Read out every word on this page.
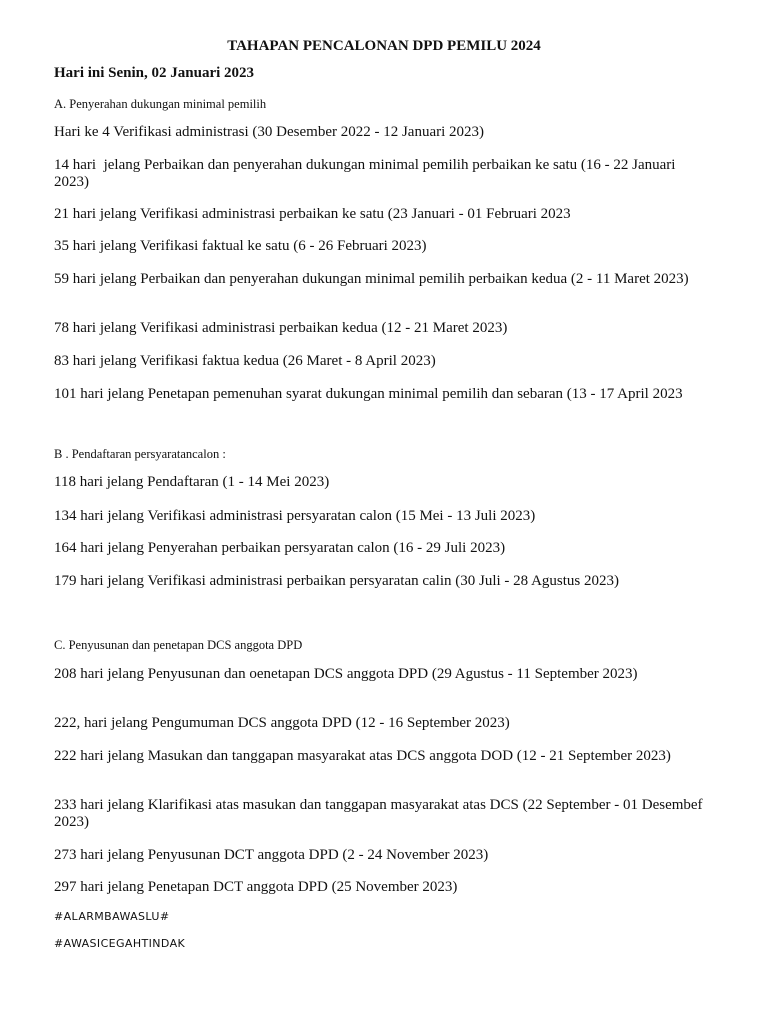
TAHAPAN PENCALONAN DPD PEMILU 2024
Hari ini Senin, 02 Januari 2023
A. Penyerahan dukungan minimal pemilih
Hari ke 4 Verifikasi administrasi (30 Desember 2022 - 12 Januari 2023)
14 hari  jelang Perbaikan dan penyerahan dukungan minimal pemilih perbaikan ke satu (16 - 22 Januari 2023)
21 hari jelang Verifikasi administrasi perbaikan ke satu (23 Januari - 01 Februari 2023
35 hari jelang Verifikasi faktual ke satu (6 - 26 Februari 2023)
59 hari jelang Perbaikan dan penyerahan dukungan minimal pemilih perbaikan kedua (2 - 11 Maret 2023)
78 hari jelang Verifikasi administrasi perbaikan kedua (12 - 21 Maret 2023)
83 hari jelang Verifikasi faktua kedua (26 Maret - 8 April 2023)
101 hari jelang Penetapan pemenuhan syarat dukungan minimal pemilih dan sebaran (13 - 17 April 2023
B . Pendaftaran persyaratancalon :
118 hari jelang Pendaftaran (1 - 14 Mei 2023)
134 hari jelang Verifikasi administrasi persyaratan calon (15 Mei - 13 Juli 2023)
164 hari jelang Penyerahan perbaikan persyaratan calon (16 - 29 Juli 2023)
179 hari jelang Verifikasi administrasi perbaikan persyaratan calin (30 Juli - 28 Agustus 2023)
C. Penyusunan dan penetapan DCS anggota DPD
208 hari jelang Penyusunan dan oenetapan DCS anggota DPD (29 Agustus - 11 September 2023)
222, hari jelang Pengumuman DCS anggota DPD (12 - 16 September 2023)
222 hari jelang Masukan dan tanggapan masyarakat atas DCS anggota DOD (12 - 21 September 2023)
233 hari jelang Klarifikasi atas masukan dan tanggapan masyarakat atas DCS (22 September - 01 Desembef 2023)
273 hari jelang Penyusunan DCT anggota DPD (2 - 24 November 2023)
297 hari jelang Penetapan DCT anggota DPD (25 November 2023)
#ALARMBAWASLU#
#AWASICEGAHTINDAK
